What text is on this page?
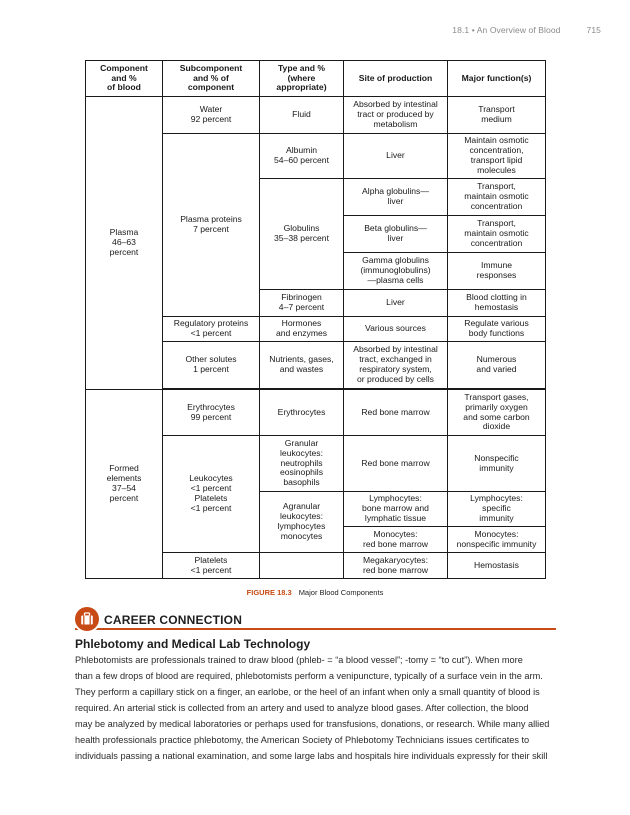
18.1 • An Overview of Blood	715
Component
and %
of blood	Subcomponent
and % of
component	Type and %
(where
appropriate)	Site of production	Major function(s)
Plasma
46–63
percent	Water
92 percent	Fluid	Absorbed by intestinal
tract or produced by
metabolism	Transport
medium
	Plasma proteins
7 percent	Albumin
54–60 percent	Liver	Maintain osmotic
concentration,
transport lipid
molecules
		Globulins
35–38 percent	Alpha globulins—
liver	Transport,
maintain osmotic
concentration
			Beta globulins—
liver	Transport,
maintain osmotic
concentration
			Gamma globulins
(immunoglobulins)
—plasma cells	Immune
responses
		Fibrinogen
4–7 percent	Liver	Blood clotting in
hemostasis
	Regulatory proteins
<1 percent	Hormones
and enzymes	Various sources	Regulate various
body functions
	Other solutes
1 percent	Nutrients, gases,
and wastes	Absorbed by intestinal
tract, exchanged in
respiratory system,
or produced by cells	Numerous
and varied

Formed
elements
37–54
percent	Erythrocytes
99 percent	Erythrocytes	Red bone marrow	Transport gases,
primarily oxygen
and some carbon
dioxide
	Leukocytes
<1 percent
Platelets
<1 percent	Granular
leukocytes:
neutrophils
eosinophils
basophils	Red bone marrow	Nonspecific
immunity
		Agranular
leukocytes:
lymphocytes
monocytes	Lymphocytes:
bone marrow and
lymphatic tissue	Lymphocytes:
specific
immunity
			Monocytes:
red bone marrow	Monocytes:
nonspecific immunity
	Platelets
<1 percent		Megakaryocytes:
red bone marrow	Hemostasis
FIGURE 18.3 Major Blood Components
CAREER CONNECTION
Phlebotomy and Medical Lab Technology
Phlebotomists are professionals trained to draw blood (phleb- = “a blood vessel”; -tomy = “to cut”). When more
than a few drops of blood are required, phlebotomists perform a venipuncture, typically of a surface vein in the arm.
They perform a capillary stick on a finger, an earlobe, or the heel of an infant when only a small quantity of blood is
required. An arterial stick is collected from an artery and used to analyze blood gases. After collection, the blood
may be analyzed by medical laboratories or perhaps used for transfusions, donations, or research. While many allied
health professionals practice phlebotomy, the American Society of Phlebotomy Technicians issues certificates to
individuals passing a national examination, and some large labs and hospitals hire individuals expressly for their skill
